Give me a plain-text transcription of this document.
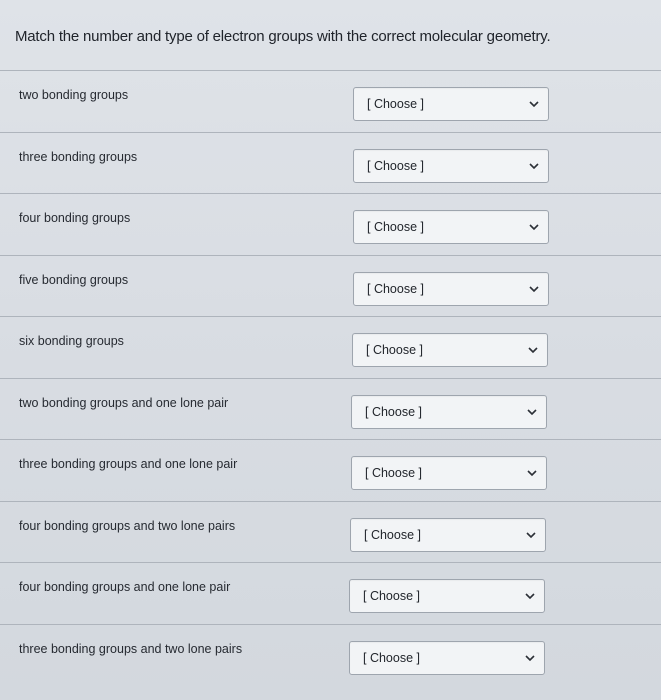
Match the number and type of electron groups with the correct molecular geometry.
two bonding groups
[ Choose ]
three bonding groups
[ Choose ]
four bonding groups
[ Choose ]
five bonding groups
[ Choose ]
six bonding groups
[ Choose ]
two bonding groups and one lone pair
[ Choose ]
three bonding groups and one lone pair
[ Choose ]
four bonding groups and two lone pairs
[ Choose ]
four bonding groups and one lone pair
[ Choose ]
three bonding groups and two lone pairs
[ Choose ]
